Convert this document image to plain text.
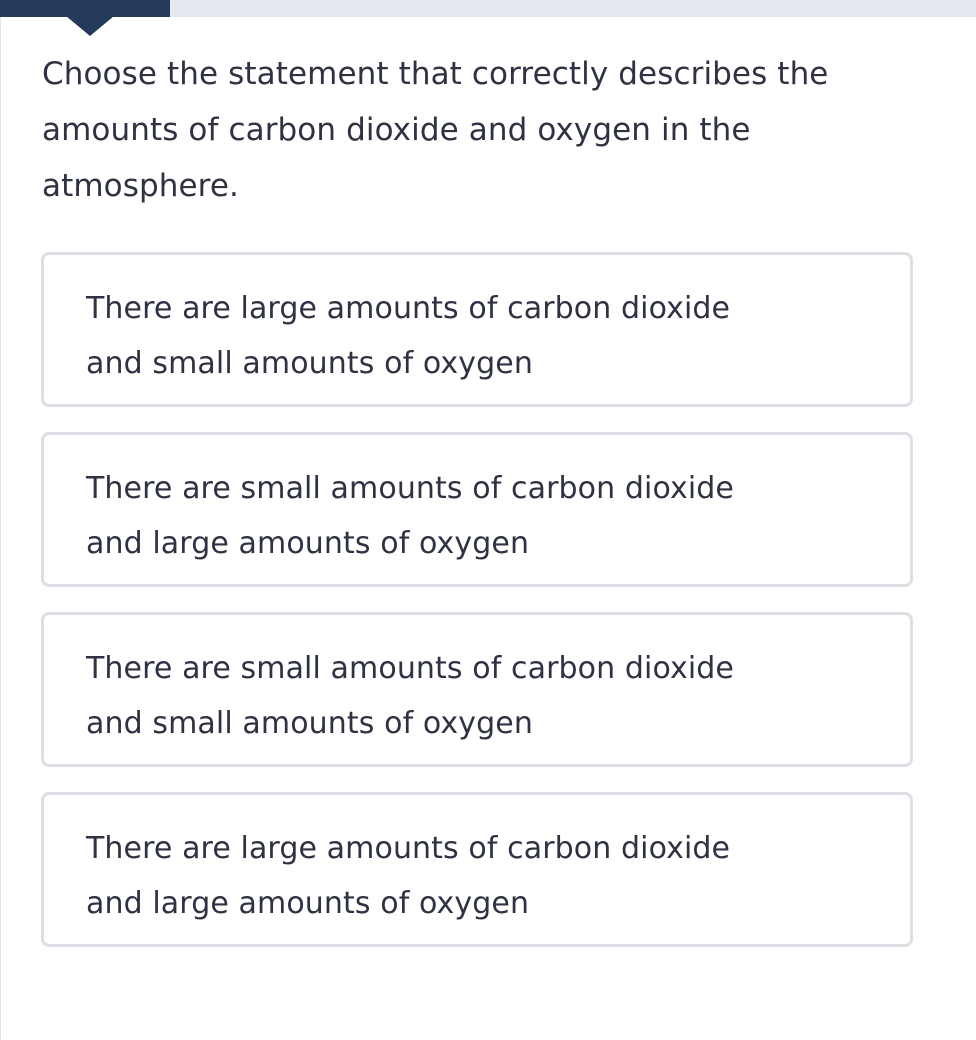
Choose the statement that correctly describes the amounts of carbon dioxide and oxygen in the atmosphere.
There are large amounts of carbon dioxide
and small amounts of oxygen
There are small amounts of carbon dioxide
and large amounts of oxygen
There are small amounts of carbon dioxide
and small amounts of oxygen
There are large amounts of carbon dioxide
and large amounts of oxygen
